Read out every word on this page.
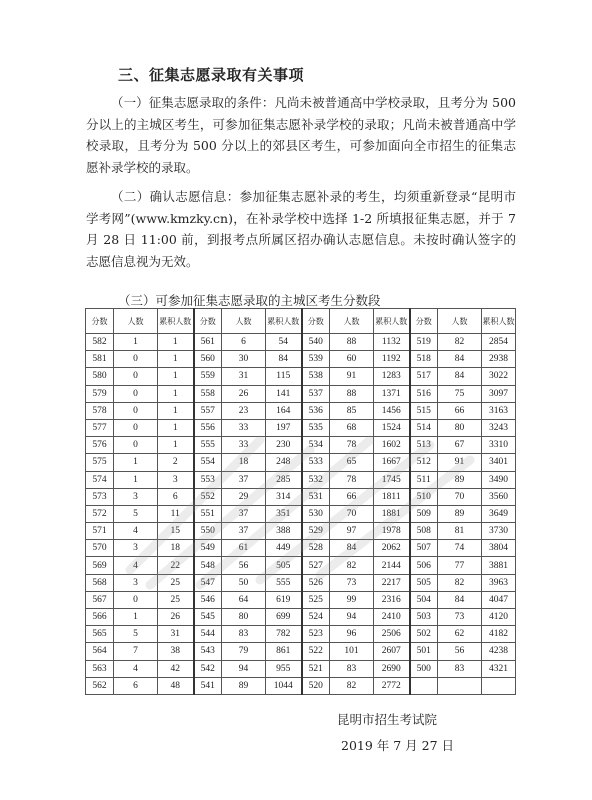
三、征集志愿录取有关事项
（一）征集志愿录取的条件：凡尚未被普通高中学校录取，且考分为 500 分以上的主城区考生，可参加征集志愿补录学校的录取；凡尚未被普通高中学校录取，且考分为 500 分以上的郊县区考生，可参加面向全市招生的征集志愿补录学校的录取。
（二）确认志愿信息：参加征集志愿补录的考生，均须重新登录“昆明市学考网”(www.kmzky.cn)，在补录学校中选择 1-2 所填报征集志愿，并于 7 月 28 日 11:00 前，到报考点所属区招办确认志愿信息。未按时确认签字的志愿信息视为无效。
（三）可参加征集志愿录取的主城区考生分数段
分数	人数	累积人数	分数	人数	累积人数	分数	人数	累积人数	分数	人数	累积人数
582	1	1	561	6	54	540	88	1132	519	82	2854
581	0	1	560	30	84	539	60	1192	518	84	2938
580	0	1	559	31	115	538	91	1283	517	84	3022
579	0	1	558	26	141	537	88	1371	516	75	3097
578	0	1	557	23	164	536	85	1456	515	66	3163
577	0	1	556	33	197	535	68	1524	514	80	3243
576	0	1	555	33	230	534	78	1602	513	67	3310
575	1	2	554	18	248	533	65	1667	512	91	3401
574	1	3	553	37	285	532	78	1745	511	89	3490
573	3	6	552	29	314	531	66	1811	510	70	3560
572	5	11	551	37	351	530	70	1881	509	89	3649
571	4	15	550	37	388	529	97	1978	508	81	3730
570	3	18	549	61	449	528	84	2062	507	74	3804
569	4	22	548	56	505	527	82	2144	506	77	3881
568	3	25	547	50	555	526	73	2217	505	82	3963
567	0	25	546	64	619	525	99	2316	504	84	4047
566	1	26	545	80	699	524	94	2410	503	73	4120
565	5	31	544	83	782	523	96	2506	502	62	4182
564	7	38	543	79	861	522	101	2607	501	56	4238
563	4	42	542	94	955	521	83	2690	500	83	4321
562	6	48	541	89	1044	520	82	2772			
昆明市招生考试院
2019 年 7 月 27 日
